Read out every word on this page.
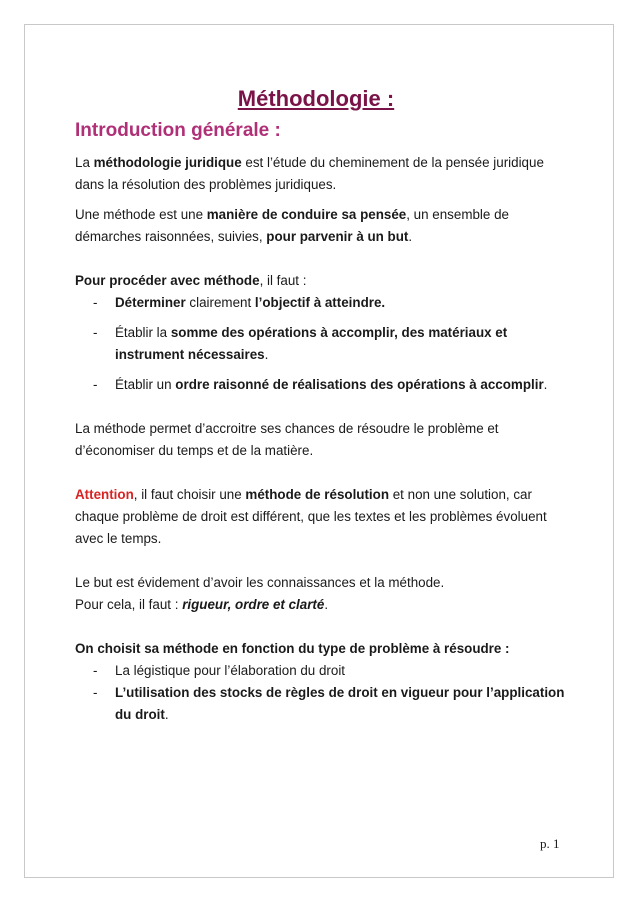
Méthodologie :
Introduction générale :

La méthodologie juridique est l’étude du cheminement de la pensée juridique dans la résolution des problèmes juridiques.

Une méthode est une manière de conduire sa pensée, un ensemble de démarches raisonnées, suivies, pour parvenir à un but.

Pour procéder avec méthode, il faut :

- Déterminer clairement l’objectif à atteindre.
- Établir la somme des opérations à accomplir, des matériaux et instrument nécessaires.
- Établir un ordre raisonné de réalisations des opérations à accomplir.

La méthode permet d’accroitre ses chances de résoudre le problème et d’économiser du temps et de la matière.

Attention, il faut choisir une méthode de résolution et non une solution, car chaque problème de droit est différent, que les textes et les problèmes évoluent avec le temps.

Le but est évidement d’avoir les connaissances et la méthode.
Pour cela, il faut : rigueur, ordre et clarté.

On choisit sa méthode en fonction du type de problème à résoudre :

- La légistique pour l’élaboration du droit
- L’utilisation des stocks de règles de droit en vigueur pour l’application du droit.
p. 1
